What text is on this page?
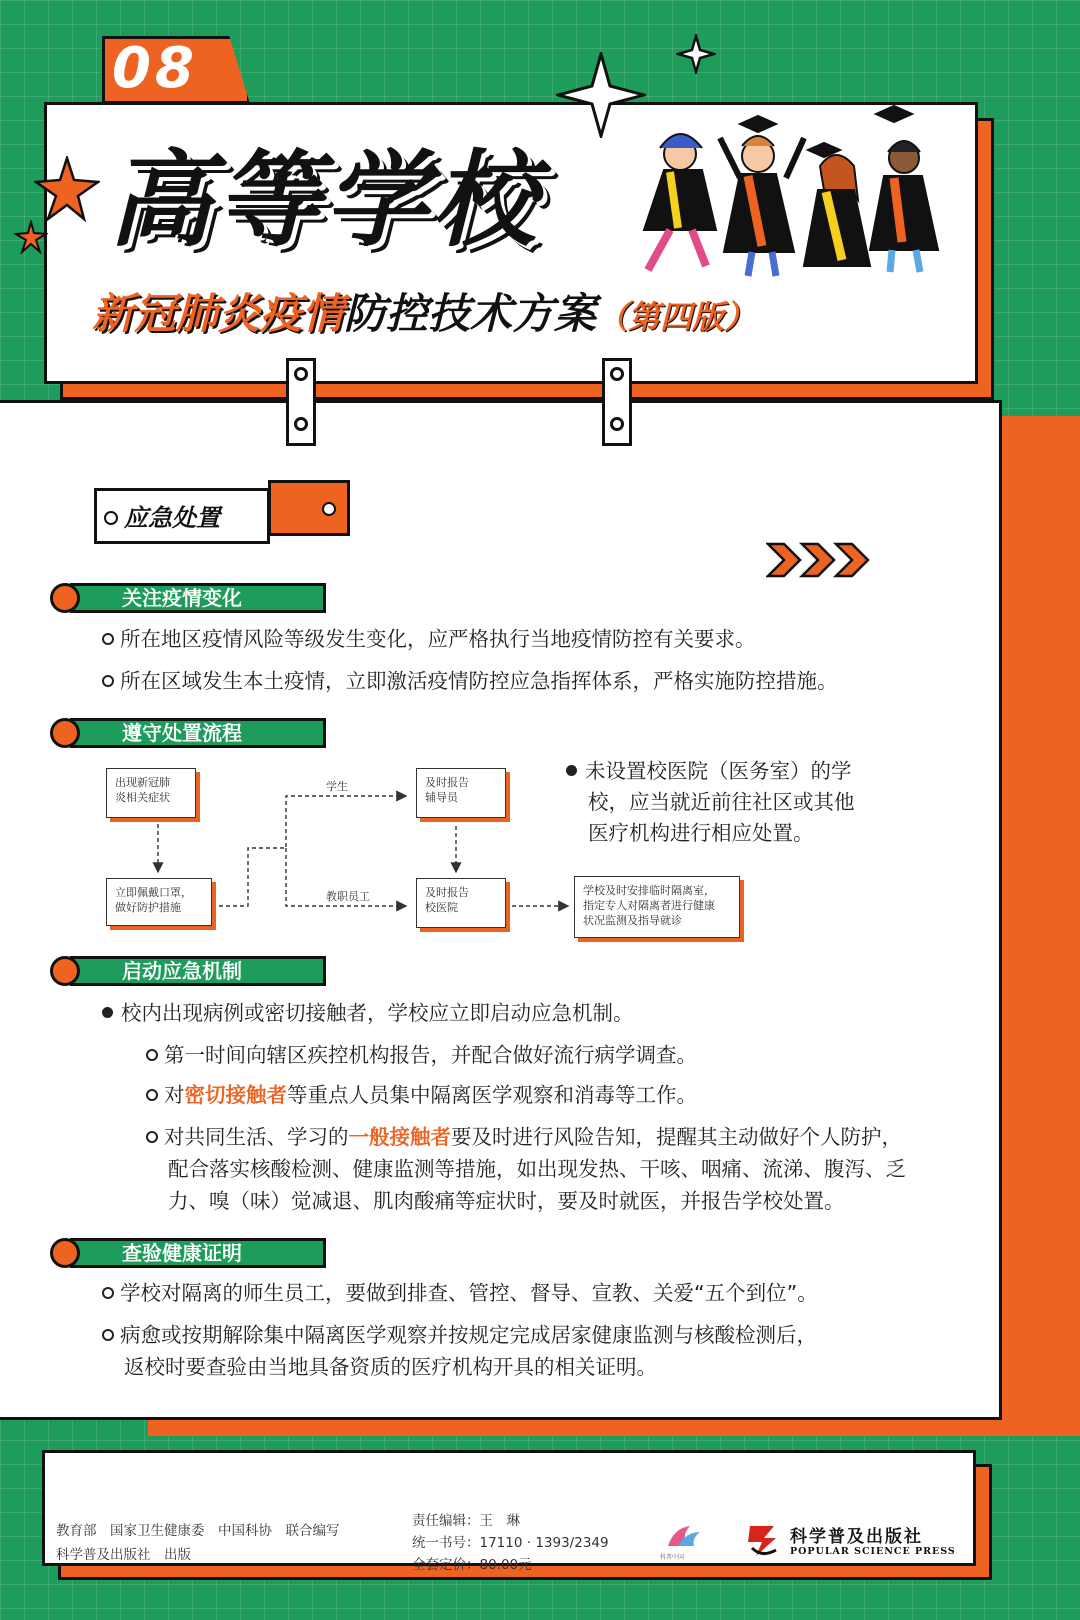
08
高等学校
新冠肺炎疫情防控技术方案（第四版）
应急处置
关注疫情变化
所在地区疫情风险等级发生变化，应严格执行当地疫情防控有关要求。
所在区域发生本土疫情，立即激活疫情防控应急指挥体系，严格实施防控措施。
遵守处置流程
出现新冠肺
炎相关症状
立即佩戴口罩，
做好防护措施
及时报告
辅导员
及时报告
校医院
学校及时安排临时隔离室，
指定专人对隔离者进行健康
状况监测及指导就诊
学生
教职员工
未设置校医院（医务室）的学
校，应当就近前往社区或其他
医疗机构进行相应处置。
启动应急机制
校内出现病例或密切接触者，学校应立即启动应急机制。
第一时间向辖区疾控机构报告，并配合做好流行病学调查。
对密切接触者等重点人员集中隔离医学观察和消毒等工作。
对共同生活、学习的一般接触者要及时进行风险告知，提醒其主动做好个人防护，
配合落实核酸检测、健康监测等措施，如出现发热、干咳、咽痛、流涕、腹泻、乏
力、嗅（味）觉减退、肌肉酸痛等症状时，要及时就医，并报告学校处置。
查验健康证明
学校对隔离的师生员工，要做到排查、管控、督导、宣教、关爱“五个到位”。
病愈或按期解除集中隔离医学观察并按规定完成居家健康监测与核酸检测后，
返校时要查验由当地具备资质的医疗机构开具的相关证明。
教育部　国家卫生健康委　中国科协　联合编写
科学普及出版社　出版
责任编辑：王　琳
统一书号：17110 · 1393/2349
全套定价：80.00元	科普中国
科学普及出版社
POPULAR SCIENCE PRESS
